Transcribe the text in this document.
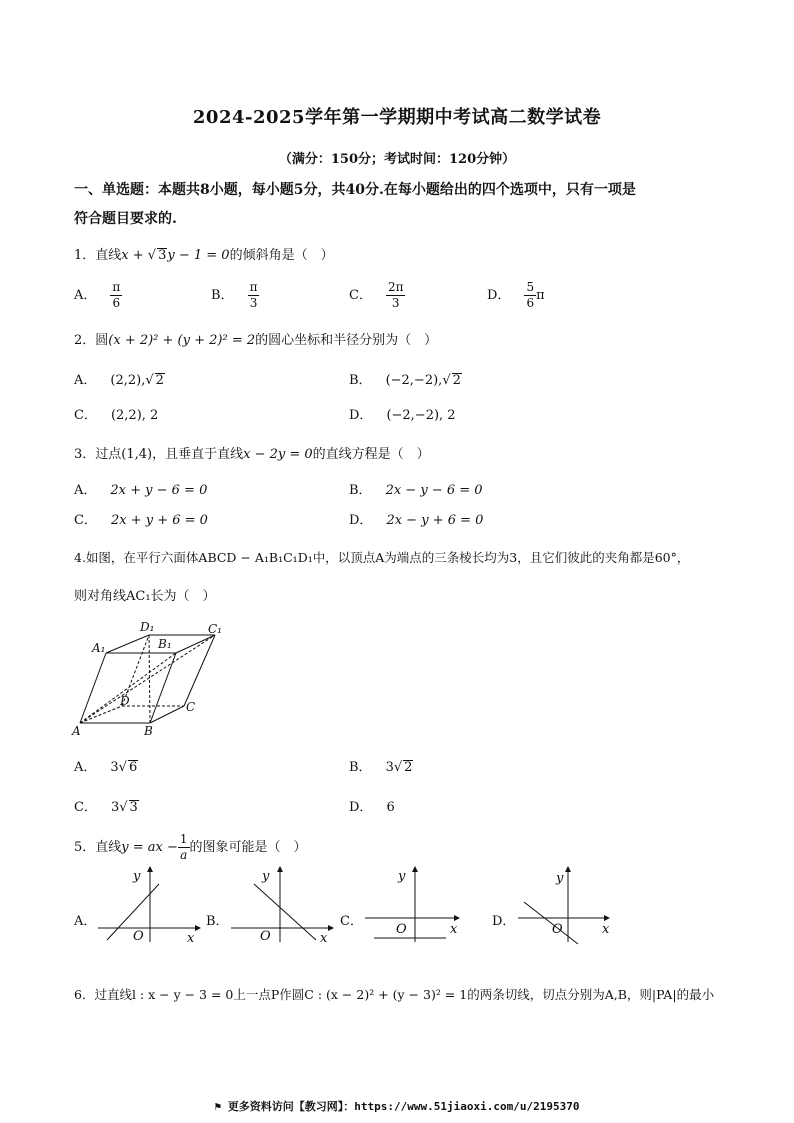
2024-2025学年第一学期期中考试高二数学试卷
（满分：150分；考试时间：120分钟）
一、单选题：本题共8小题，每小题5分，共40分.在每小题给出的四个选项中，只有一项是
符合题目要求的.
1．直线x + √ 3y − 1 = 0的倾斜角是（　）
A． $\frac{\pi}{6}$	B． $\frac{\pi}{3}$	C． $\frac{2\pi}{3}$	D． $\frac{5}{6}$ π
2．圆(x + 2)² + (y + 2)² = 2的圆心坐标和半径分别为（　）
A． (2,2),√ 2	B． (−2,−2),√ 2
C． (2,2), 2	D． (−2,−2), 2
3．过点(1,4)，且垂直于直线x − 2y = 0的直线方程是（　）
A． 2x + y − 6 = 0	B． 2x − y − 6 = 0
C． 2x + y + 6 = 0	D． 2x − y + 6 = 0
4.如图，在平行六面体ABCD − A₁B₁C₁D₁中，以顶点A为端点的三条棱长均为3，且它们彼此的夹角都是60°，
则对角线AC₁长为（　）
D₁	C₁
A₁	B₁
D	C
A	B
A． 3√ 6	B． 3√ 2
C． 3√ 3	D． 6
5．直线y = ax − $\frac{1}{a}$ 的图象可能是（　）
A．
x
y
O
B．
x
y
O
C．
x
y
O
D．
x
y
O
6．过直线l : x − y − 3 = 0上一点P作圆C : (x − 2)² + (y − 3)² = 1的两条切线，切点分别为A,B，则|PA|的最小
⚑ 更多资料访问【教习网】：https://www.51jiaoxi.com/u/2195370
